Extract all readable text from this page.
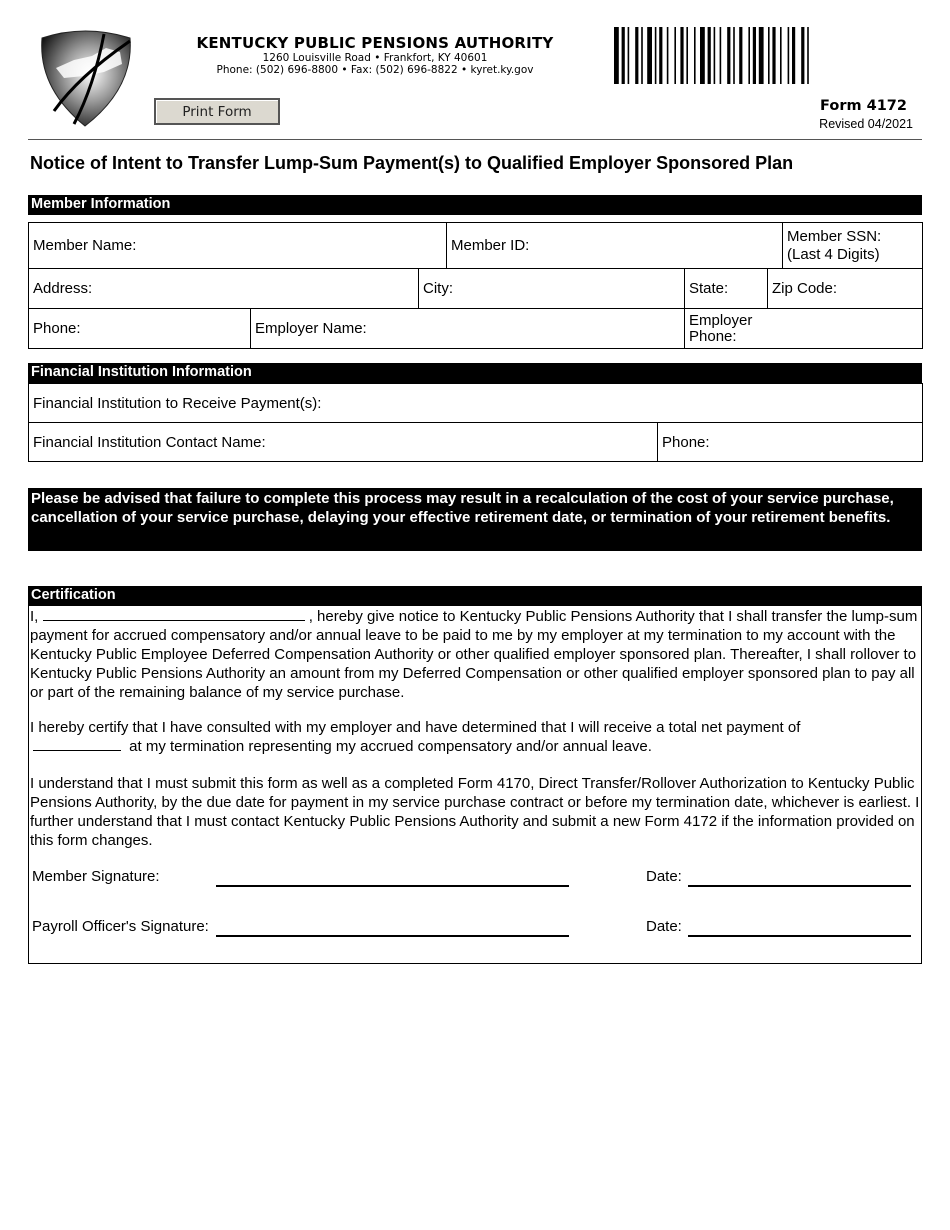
KENTUCKY PUBLIC PENSIONS AUTHORITY
1260 Louisville Road • Frankfort, KY 40601
Phone: (502) 696-8800 • Fax: (502) 696-8822 • kyret.ky.gov
Print Form	Form 4172
Revised 04/2021
Notice of Intent to Transfer Lump-Sum Payment(s) to Qualified Employer Sponsored Plan
Member Information
Member Name:			Member ID:			Member SSN:
(Last 4 Digits)

Address:		City:		State:	Zip Code:	
Phone:	Employer Name:			Employer
Phone:		
Financial Institution Information
Financial Institution to Receive Payment(s):
Financial Institution Contact Name:	Phone:
Please be advised that failure to complete this process may result in a recalculation of the cost of your service purchase, cancellation of your service purchase, delaying your effective retirement date, or termination of your retirement benefits.
Certification
I,	, hereby give notice to Kentucky Public Pensions Authority that I shall transfer the lump-sum payment for accrued compensatory and/or annual leave to be paid to me by my employer at my termination to my account with the Kentucky Public Employee Deferred Compensation Authority or other qualified employer sponsored plan. Thereafter, I shall rollover to Kentucky Public Pensions Authority an amount from my Deferred Compensation or other qualified employer sponsored plan to pay all or part of the remaining balance of my service purchase.
I hereby certify that I have consulted with my employer and have determined that I will receive a total net payment of
at my termination representing my accrued compensatory and/or annual leave.
I understand that I must submit this form as well as a completed Form 4170, Direct Transfer/Rollover Authorization to Kentucky Public Pensions Authority, by the due date for payment in my service purchase contract or before my termination date, whichever is earliest. I further understand that I must contact Kentucky Public Pensions Authority and submit a new Form 4172 if the information provided on this form changes.
Member Signature:	Date:
Payroll Officer's Signature:	Date:
